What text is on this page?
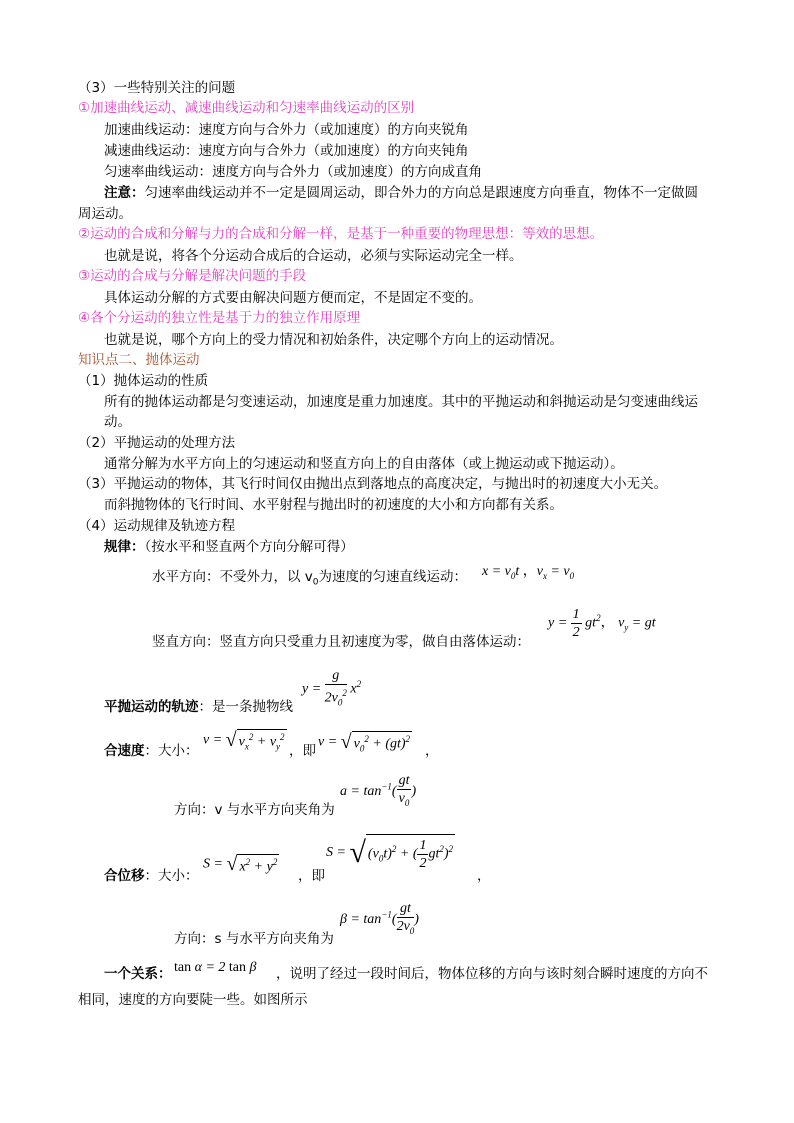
（3）一些特别关注的问题
①加速曲线运动、减速曲线运动和匀速率曲线运动的区别
加速曲线运动：速度方向与合外力（或加速度）的方向夹锐角
减速曲线运动：速度方向与合外力（或加速度）的方向夹钝角
匀速率曲线运动：速度方向与合外力（或加速度）的方向成直角
注意：匀速率曲线运动并不一定是圆周运动，即合外力的方向总是跟速度方向垂直，物体不一定做圆
周运动。
②运动的合成和分解与力的合成和分解一样，是基于一种重要的物理思想：等效的思想。
也就是说，将各个分运动合成后的合运动，必须与实际运动完全一样。
③运动的合成与分解是解决问题的手段
具体运动分解的方式要由解决问题方便而定，不是固定不变的。
④各个分运动的独立性是基于力的独立作用原理
也就是说，哪个方向上的受力情况和初始条件，决定哪个方向上的运动情况。
知识点二、抛体运动
（1）抛体运动的性质
所有的抛体运动都是匀变速运动，加速度是重力加速度。其中的平抛运动和斜抛运动是匀变速曲线运
动。
（2）平抛运动的处理方法
通常分解为水平方向上的匀速运动和竖直方向上的自由落体（或上抛运动或下抛运动）。
（3）平抛运动的物体，其飞行时间仅由抛出点到落地点的高度决定，与抛出时的初速度大小无关。
而斜抛物体的飞行时间、水平射程与抛出时的初速度的大小和方向都有关系。
（4）运动规律及轨迹方程
规律：（按水平和竖直两个方向分解可得）
水平方向：不受外力，以 $v_0$为速度的匀速直线运动： $x = v_0t$ ，$v_x = v_0$
竖直方向：竖直方向只受重力且初速度为零，做自由落体运动：
$y = \frac{1}{2} gt^2$， $v_y$ = gt
平抛运动的轨迹：是一条抛物线
$y = \frac{g}{2v_0^2} x^2$
合速度：大小：
v = √ $v_x^2 + v_y^2$
，即
v = √ $v_0^2 + (gt)^2$
，
$a = \tan^{-1}( \frac{gt}{v_0}$ )
方向：v 与水平方向夹角为
合位移：大小：
S = √ $x^2 + y^2$
，即
S = √ $(v_0t)^2$ + ( $\frac{1}{2} gt^2)^2$
，
$\beta = \tan^{-1}( \frac{gt}{2v_0}$ )
方向：s 与水平方向夹角为
一个关系： tan α = 2 tan β ，说明了经过一段时间后，物体位移的方向与该时刻合瞬时速度的方向不
相同，速度的方向要陡一些。如图所示
